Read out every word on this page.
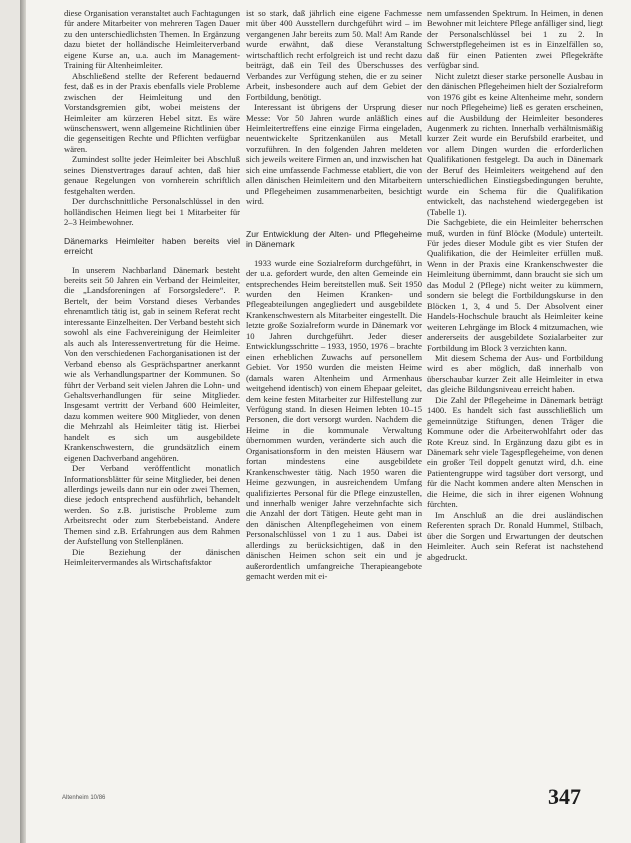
diese Organisation veranstaltet auch Fachtagungen für andere Mitarbeiter von mehreren Tagen Dauer zu den unterschiedlichsten Themen. In Ergänzung dazu bietet der holländische Heimleiterverband eigene Kurse an, u.a. auch im Management-Training für Altenheimleiter.

Abschließend stellte der Referent bedauernd fest, daß es in der Praxis ebenfalls viele Probleme zwischen der Heimleitung und den Vorstandsgremien gibt, wobei meistens der Heimleiter am kürzeren Hebel sitzt. Es wäre wünschenswert, wenn allgemeine Richtlinien über die gegenseitigen Rechte und Pflichten verfügbar wären.

Zumindest sollte jeder Heimleiter bei Abschluß seines Dienstvertrages darauf achten, daß hier genaue Regelungen von vornherein schriftlich festgehalten werden.

Der durchschnittliche Personalschlüssel in den holländischen Heimen liegt bei 1 Mitarbeiter für 2–3 Heimbewohner.

Dänemarks Heimleiter haben bereits viel erreicht

In unserem Nachbarland Dänemark besteht bereits seit 50 Jahren ein Verband der Heimleiter, die „Landsforeningen af Forsorgsledere“. P. Bertelt, der beim Vorstand dieses Verbandes ehrenamtlich tätig ist, gab in seinem Referat recht interessante Einzelheiten. Der Verband besteht sich sowohl als eine Fachvereinigung der Heimleiter als auch als Interessenvertretung für die Heime. Von den verschiedenen Fachorganisationen ist der Verband ebenso als Gesprächspartner anerkannt wie als Verhandlungspartner der Kommunen. So führt der Verband seit vielen Jahren die Lohn- und Gehaltsverhandlungen für seine Mitglieder. Insgesamt vertritt der Verband 600 Heimleiter, dazu kommen weitere 900 Mitglieder, von denen die Mehrzahl als Heimleiter tätig ist. Hierbei handelt es sich um ausgebildete Krankenschwestern, die grundsätzlich einem eigenen Dachverband angehören.

Der Verband veröffentlicht monatlich Informationsblätter für seine Mitglieder, bei denen allerdings jeweils dann nur ein oder zwei Themen, diese jedoch entsprechend ausführlich, behandelt werden. So z.B. juristische Probleme zum Arbeitsrecht oder zum Sterbebeistand. Andere Themen sind z.B. Erfahrungen aus dem Rahmen der Aufstellung von Stellenplänen.

Die Beziehung der dänischen Heimleitervermandes als Wirtschaftsfaktor

ist so stark, daß jährlich eine eigene Fachmesse mit über 400 Ausstellern durchgeführt wird – im vergangenen Jahr bereits zum 50. Mal! Am Rande wurde erwähnt, daß diese Veranstaltung wirtschaftlich recht erfolgreich ist und recht dazu beiträgt, daß ein Teil des Überschusses des Verbandes zur Verfügung stehen, die er zu seiner Arbeit, insbesondere auch auf dem Gebiet der Fortbildung, benötigt.

Interessant ist übrigens der Ursprung dieser Messe: Vor 50 Jahren wurde anläßlich eines Heimleitertreffens eine einzige Firma eingeladen, neuentwickelte Spritzenkanülen aus Metall vorzuführen. In den folgenden Jahren meldeten sich jeweils weitere Firmen an, und inzwischen hat sich eine umfassende Fachmesse etabliert, die von allen dänischen Heimleitern und den Mitarbeitern und Pflegeheimen zusammenarbeiten, besichtigt wird.

Zur Entwicklung der Alten- und Pflegeheime in Dänemark

1933 wurde eine Sozialreform durchgeführt, in der u.a. gefordert wurde, den alten Gemeinde ein entsprechendes Heim bereitstellen muß. Seit 1950 wurden den Heimen Kranken- und Pflegeabteilungen angegliedert und ausgebildete Krankenschwestern als Mitarbeiter eingestellt. Die letzte große Sozialreform wurde in Dänemark vor 10 Jahren durchgeführt. Jeder dieser Entwicklungsschritte – 1933, 1950, 1976 – brachte einen erheblichen Zuwachs auf personellem Gebiet. Vor 1950 wurden die meisten Heime (damals waren Altenheim und Armenhaus weitgehend identisch) von einem Ehepaar geleitet, dem keine festen Mitarbeiter zur Hilfestellung zur Verfügung stand. In diesen Heimen lebten 10–15 Personen, die dort versorgt wurden. Nachdem die Heime in die kommunale Verwaltung übernommen wurden, veränderte sich auch die Organisationsform in den meisten Häusern war fortan mindestens eine ausgebildete Krankenschwester tätig. Nach 1950 waren die Heime gezwungen, in ausreichendem Umfang qualifiziertes Personal für die Pflege einzustellen, und innerhalb weniger Jahre verzehnfachte sich die Anzahl der dort Tätigen. Heute geht man in den dänischen Altenpflegeheimen von einem Personalschlüssel von 1 zu 1 aus. Dabei ist allerdings zu berücksichtigen, daß in den dänischen Heimen schon seit ein und je außerordentlich umfangreiche Therapieangebote gemacht werden mit ei-

nem umfassenden Spektrum. In Heimen, in denen Bewohner mit leichtere Pflege anfälliger sind, liegt der Personalschlüssel bei 1 zu 2. In Schwerstpflegeheimen ist es in Einzelfällen so, daß für einen Patienten zwei Pflegekräfte verfügbar sind.

Nicht zuletzt dieser starke personelle Ausbau in den dänischen Pflegeheimen hielt der Sozialreform von 1976 gibt es keine Altenheime mehr, sondern nur noch Pflegeheime) ließ es geraten erscheinen, auf die Ausbildung der Heimleiter besonderes Augenmerk zu richten. Innerhalb verhältnismäßig kurzer Zeit wurde ein Berufsbild erarbeitet, und vor allem Dingen wurden die erforderlichen Qualifikationen festgelegt. Da auch in Dänemark der Beruf des Heimleiters weitgehend auf den unterschiedlichen Einstiegsbedingungen beruhte, wurde ein Schema für die Qualifikation entwickelt, das nachstehend wiedergegeben ist (Tabelle 1).

Die Sachgebiete, die ein Heimleiter beherrschen muß, wurden in fünf Blöcke (Module) unterteilt. Für jedes dieser Module gibt es vier Stufen der Qualifikation, die der Heimleiter erfüllen muß. Wenn in der Praxis eine Krankenschwester die Heimleitung übernimmt, dann braucht sie sich um das Modul 2 (Pflege) nicht weiter zu kümmern, sondern sie belegt die Fortbildungskurse in den Blöcken 1, 3, 4 und 5. Der Absolvent einer Handels-Hochschule braucht als Heimleiter keine weiteren Lehrgänge im Block 4 mitzumachen, wie andererseits der ausgebildete Sozialarbeiter zur Fortbildung im Block 3 verzichten kann.

Mit diesem Schema der Aus- und Fortbildung wird es aber möglich, daß innerhalb von überschaubar kurzer Zeit alle Heimleiter in etwa das gleiche Bildungsniveau erreicht haben.

Die Zahl der Pflegeheime in Dänemark beträgt 1400. Es handelt sich fast ausschließlich um gemeinnützige Stiftungen, denen Träger die Kommune oder die Arbeiterwohlfahrt oder das Rote Kreuz sind. In Ergänzung dazu gibt es in Dänemark sehr viele Tagespflegeheime, von denen ein großer Teil doppelt genutzt wird, d.h. eine Patientengruppe wird tagsüber dort versorgt, und für die Nacht kommen andere alten Menschen in die Heime, die sich in ihrer eigenen Wohnung fürchten.

Im Anschluß an die drei ausländischen Referenten sprach Dr. Ronald Hummel, Stilbach, über die Sorgen und Erwartungen der deutschen Heimleiter. Auch sein Referat ist nachstehend abgedruckt.

Altenheim 10/86	347
